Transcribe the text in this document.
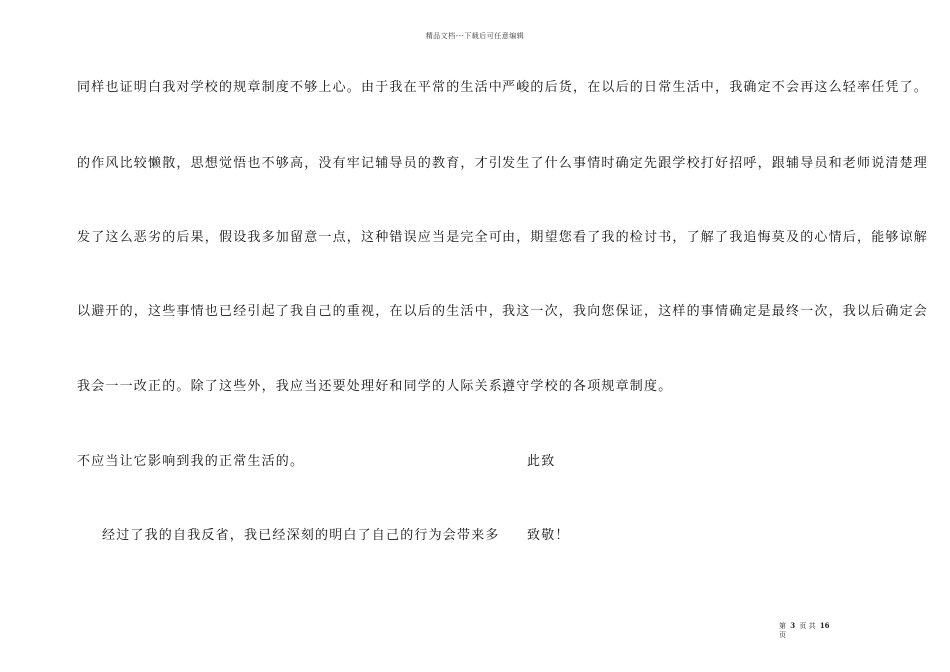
精品文档---下载后可任意编辑
同样也证明白我对学校的规章制度不够上心。由于我在平常的生活中
的作风比较懒散，思想觉悟也不够高，没有牢记辅导员的教育，才引
发了这么恶劣的后果，假设我多加留意一点，这种错误应当是完全可
以避开的，这些事情也已经引起了我自己的重视，在以后的生活中，
我会一一改正的。除了这些外，我应当还要处理好和同学的人际关系，
不应当让它影响到我的正常生活的。
经过了我的自我反省，我已经深刻的明白了自己的行为会带来多
严峻的后货，在以后的日常生活中，我确定不会再这么轻率任凭了。
发生了什么事情时确定先跟学校打好招呼，跟辅导员和老师说清楚理
由，期望您看了我的检讨书，了解了我追悔莫及的心情后，能够谅解
我这一次，我向您保证，这样的事情确定是最终一次，我以后确定会
遵守学校的各项规章制度。
此致
致敬！
第 3 页 共 16
页
